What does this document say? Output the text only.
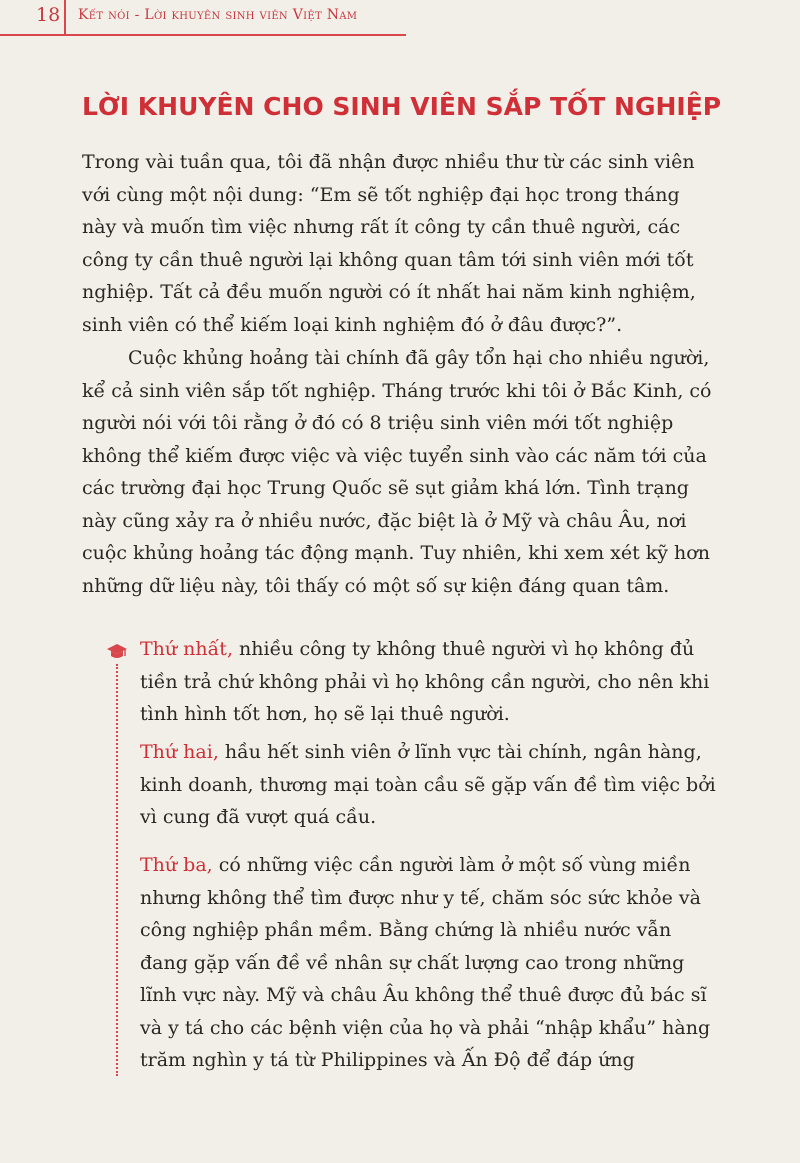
18 Kết nói - Lời khuyên sinh viên Việt Nam
LỜI KHUYÊN CHO SINH VIÊN SẮP TỐT NGHIỆP

Trong vài tuần qua, tôi đã nhận được nhiều thư từ các sinh viên với cùng một nội dung: “Em sẽ tốt nghiệp đại học trong tháng này và muốn tìm việc nhưng rất ít công ty cần thuê người, các công ty cần thuê người lại không quan tâm tới sinh viên mới tốt nghiệp. Tất cả đều muốn người có ít nhất hai năm kinh nghiệm, sinh viên có thể kiếm loại kinh nghiệm đó ở đâu được?”.

Cuộc khủng hoảng tài chính đã gây tổn hại cho nhiều người, kể cả sinh viên sắp tốt nghiệp. Tháng trước khi tôi ở Bắc Kinh, có người nói với tôi rằng ở đó có 8 triệu sinh viên mới tốt nghiệp không thể kiếm được việc và việc tuyển sinh vào các năm tới của các trường đại học Trung Quốc sẽ sụt giảm khá lớn. Tình trạng này cũng xảy ra ở nhiều nước, đặc biệt là ở Mỹ và châu Âu, nơi cuộc khủng hoảng tác động mạnh. Tuy nhiên, khi xem xét kỹ hơn những dữ liệu này, tôi thấy có một số sự kiện đáng quan tâm.

Thứ nhất, nhiều công ty không thuê người vì họ không đủ tiền trả chứ không phải vì họ không cần người, cho nên khi tình hình tốt hơn, họ sẽ lại thuê người.

Thứ hai, hầu hết sinh viên ở lĩnh vực tài chính, ngân hàng, kinh doanh, thương mại toàn cầu sẽ gặp vấn đề tìm việc bởi vì cung đã vượt quá cầu.

Thứ ba, có những việc cần người làm ở một số vùng miền nhưng không thể tìm được như y tế, chăm sóc sức khỏe và công nghiệp phần mềm. Bằng chứng là nhiều nước vẫn đang gặp vấn đề về nhân sự chất lượng cao trong những lĩnh vực này. Mỹ và châu Âu không thể thuê được đủ bác sĩ và y tá cho các bệnh viện của họ và phải “nhập khẩu” hàng trăm nghìn y tá từ Philippines và Ấn Độ để đáp ứng
